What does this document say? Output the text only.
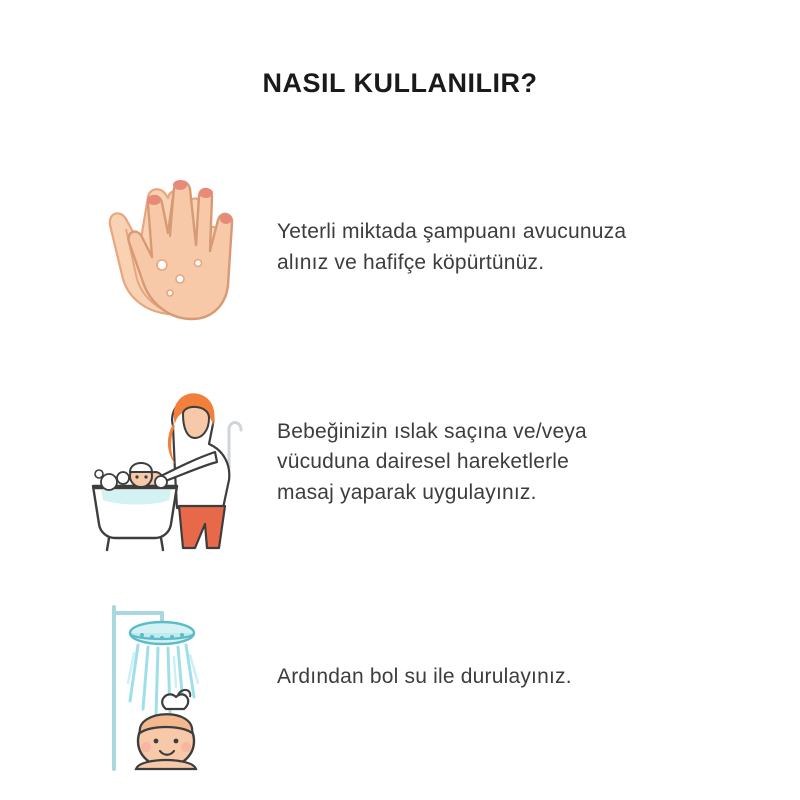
NASIL KULLANILIR?
Yeterli miktada şampuanı avucunuza
alınız ve hafifçe köpürtünüz.
Bebeğinizin ıslak saçına ve/veya
vücuduna dairesel hareketlerle
masaj yaparak uygulayınız.
Ardından bol su ile durulayınız.
